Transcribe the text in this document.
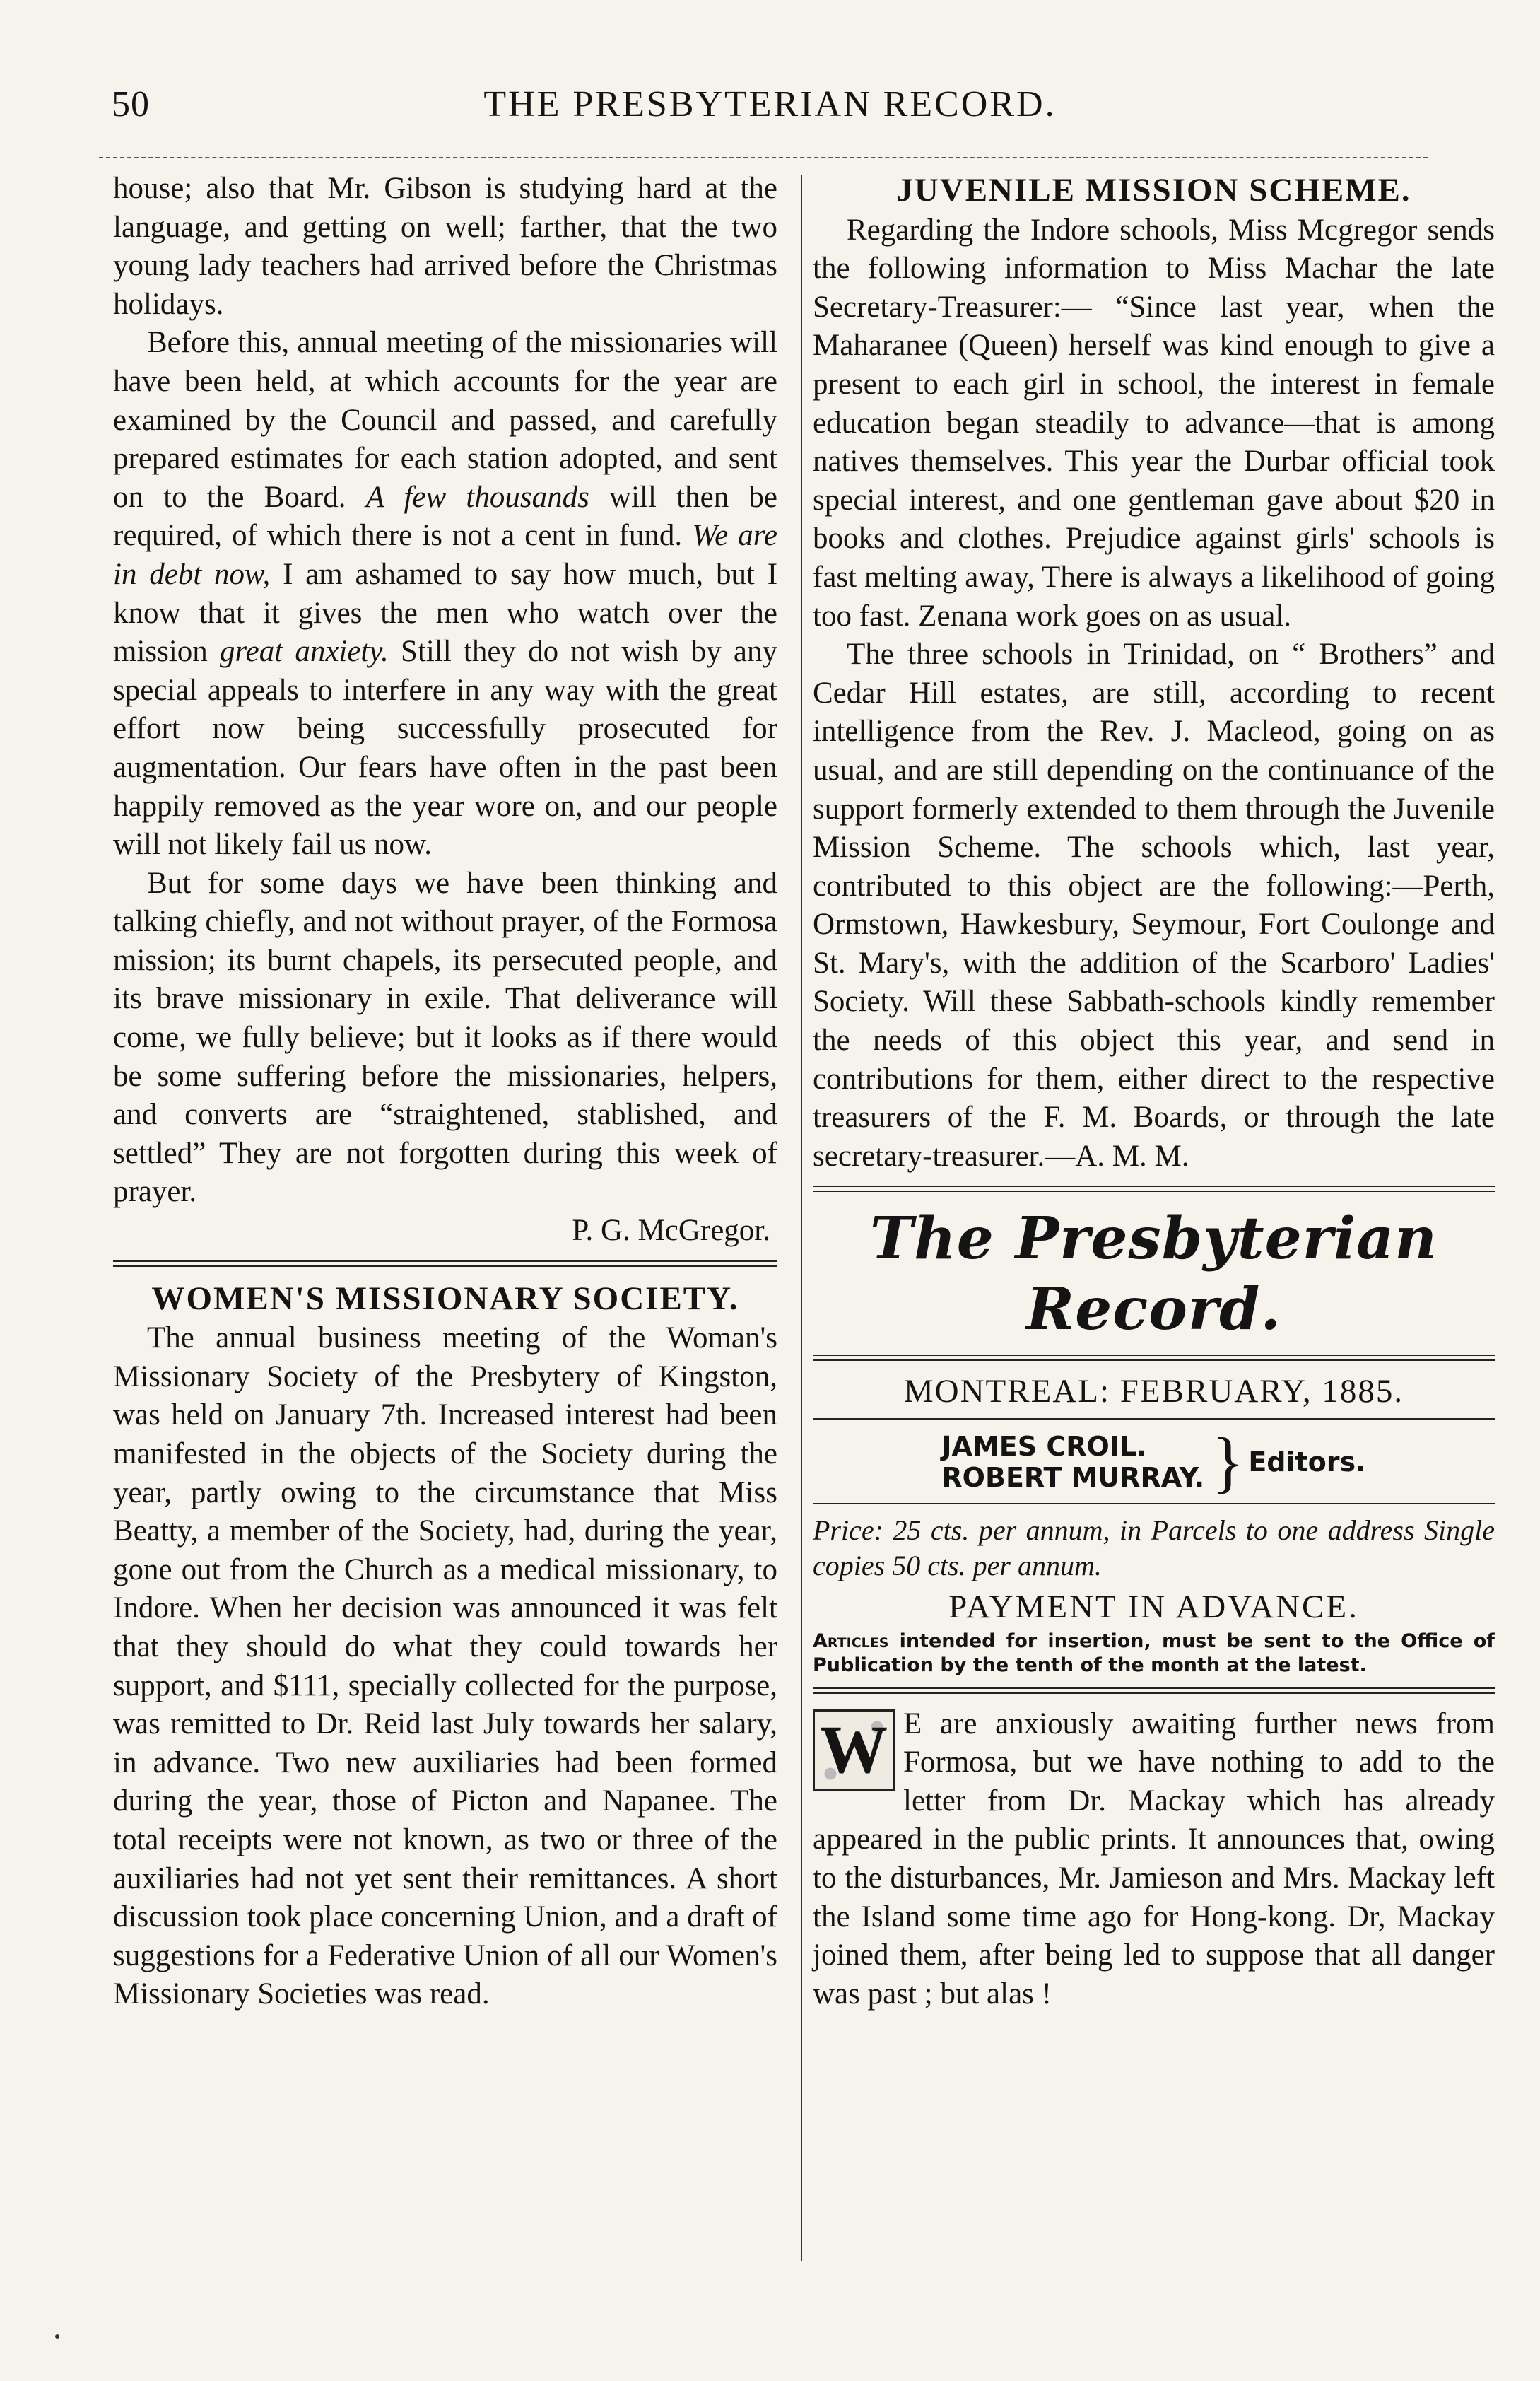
50	THE PRESBYTERIAN RECORD.

house; also that Mr. Gibson is studying hard at the language, and getting on well; farther, that the two young lady teachers had arrived before the Christmas holidays.

Before this, annual meeting of the missionaries will have been held, at which accounts for the year are examined by the Council and passed, and carefully prepared estimates for each station adopted, and sent on to the Board. A few thousands will then be required, of which there is not a cent in fund. We are in debt now, I am ashamed to say how much, but I know that it gives the men who watch over the mission great anxiety. Still they do not wish by any special appeals to interfere in any way with the great effort now being successfully prosecuted for augmentation. Our fears have often in the past been happily removed as the year wore on, and our people will not likely fail us now.

But for some days we have been thinking and talking chiefly, and not without prayer, of the Formosa mission; its burnt chapels, its persecuted people, and its brave missionary in exile. That deliverance will come, we fully believe; but it looks as if there would be some suffering before the missionaries, helpers, and converts are “straightened, stablished, and settled” They are not forgotten during this week of prayer.

P. G. McGregor.
WOMEN'S MISSIONARY SOCIETY.

The annual business meeting of the Woman's Missionary Society of the Presbytery of Kingston, was held on January 7th. Increased interest had been manifested in the objects of the Society during the year, partly owing to the circumstance that Miss Beatty, a member of the Society, had, during the year, gone out from the Church as a medical missionary, to Indore. When her decision was announced it was felt that they should do what they could towards her support, and $111, specially collected for the purpose, was remitted to Dr. Reid last July towards her salary, in advance. Two new auxiliaries had been formed during the year, those of Picton and Napanee. The total receipts were not known, as two or three of the auxiliaries had not yet sent their remittances. A short discussion took place concerning Union, and a draft of suggestions for a Federative Union of all our Women's Missionary Societies was read.

JUVENILE MISSION SCHEME.

Regarding the Indore schools, Miss Mcgregor sends the following information to Miss Machar the late Secretary-Treasurer:— “Since last year, when the Maharanee (Queen) herself was kind enough to give a present to each girl in school, the interest in female education began steadily to advance—that is among natives themselves. This year the Durbar official took special interest, and one gentleman gave about $20 in books and clothes. Prejudice against girls' schools is fast melting away, There is always a likelihood of going too fast. Zenana work goes on as usual.

The three schools in Trinidad, on “ Brothers” and Cedar Hill estates, are still, according to recent intelligence from the Rev. J. Macleod, going on as usual, and are still depending on the continuance of the support formerly extended to them through the Juvenile Mission Scheme. The schools which, last year, contributed to this object are the following:—Perth, Ormstown, Hawkesbury, Seymour, Fort Coulonge and St. Mary's, with the addition of the Scarboro' Ladies' Society. Will these Sabbath-schools kindly remember the needs of this object this year, and send in contributions for them, either direct to the respective treasurers of the F. M. Boards, or through the late secretary-treasurer.—A. M. M.

The Presbyterian Record.
MONTREAL: FEBRUARY, 1885.
JAMES CROIL.
ROBERT MURRAY. } Editors.

Price: 25 cts. per annum, in Parcels to one address Single copies 50 cts. per annum.

PAYMENT IN ADVANCE.

Articles intended for insertion, must be sent to the Office of Publication by the tenth of the month at the latest.

W E are anxiously awaiting further news from Formosa, but we have nothing to add to the letter from Dr. Mackay which has already appeared in the public prints. It announces that, owing to the disturbances, Mr. Jamieson and Mrs. Mackay left the Island some time ago for Hong-kong. Dr, Mackay joined them, after being led to suppose that all danger was past ; but alas !
